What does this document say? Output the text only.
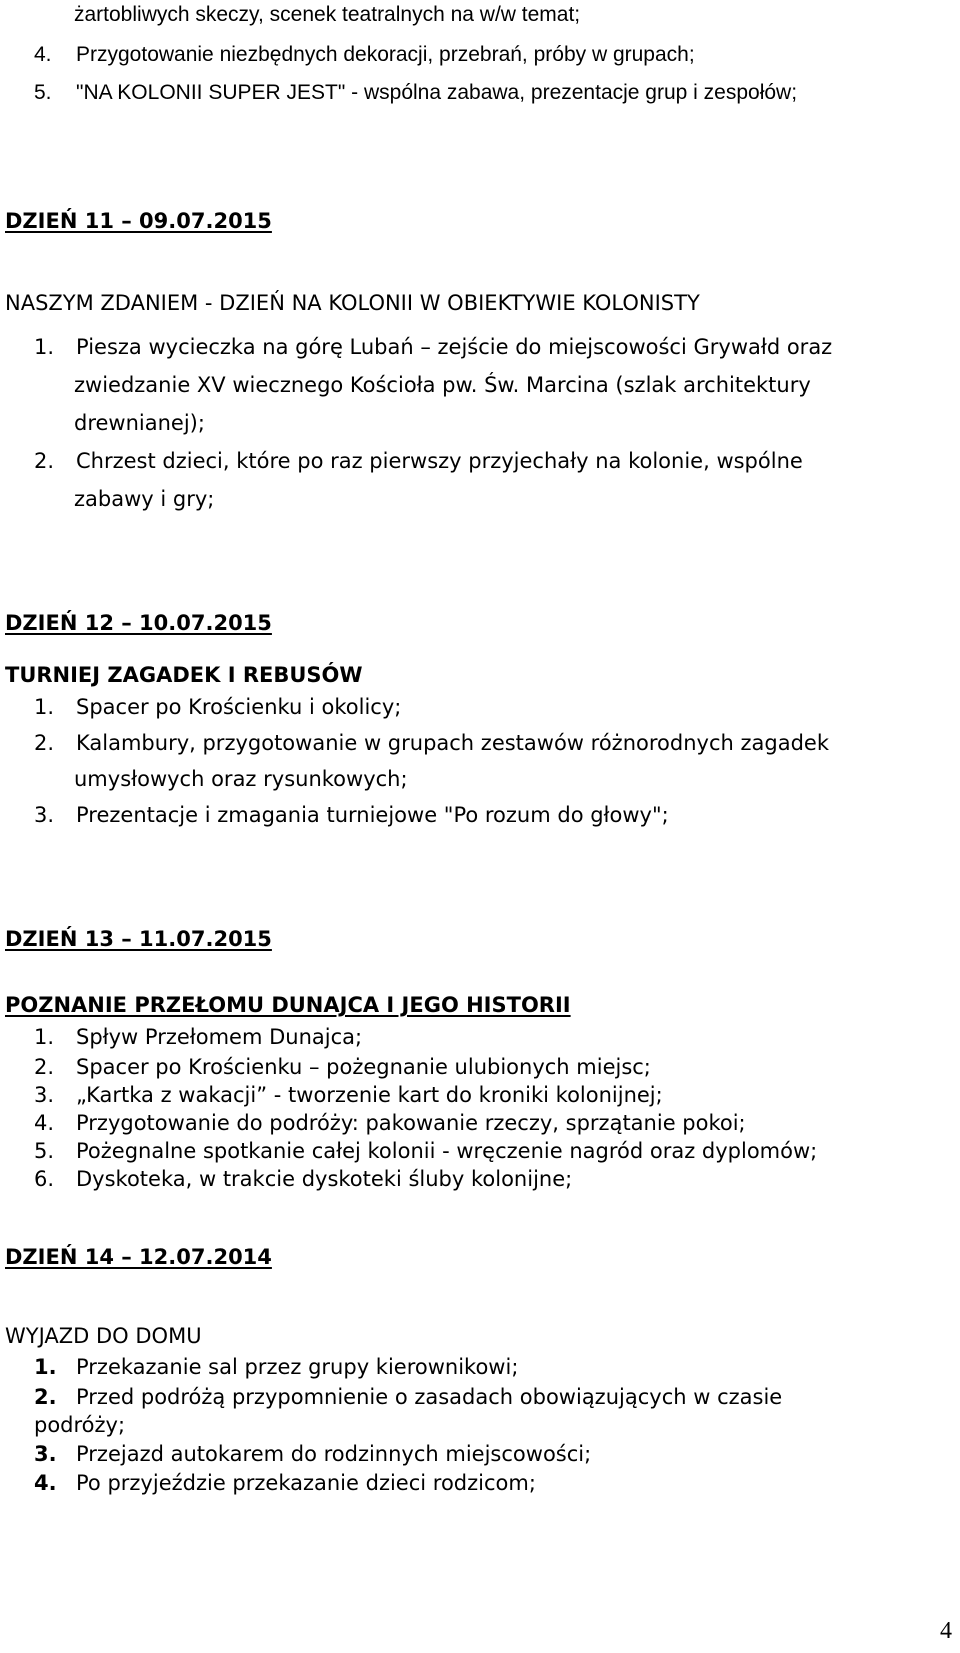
żartobliwych skeczy, scenek teatralnych na w/w temat;
4. Przygotowanie niezbędnych dekoracji, przebrań, próby w grupach;
5. "NA KOLONII SUPER JEST" - wspólna zabawa, prezentacje grup i zespołów;
DZIEŃ 11 – 09.07.2015
NASZYM ZDANIEM - DZIEŃ NA KOLONII W OBIEKTYWIE KOLONISTY
1. Piesza wycieczka na górę Lubań – zejście do miejscowości Grywałd oraz
zwiedzanie XV wiecznego Kościoła pw. Św. Marcina (szlak architektury
drewnianej);
2. Chrzest dzieci, które po raz pierwszy przyjechały na kolonie, wspólne
zabawy i gry;
DZIEŃ 12 – 10.07.2015
TURNIEJ ZAGADEK I REBUSÓW
1. Spacer po Krościenku i okolicy;
2. Kalambury, przygotowanie w grupach zestawów różnorodnych zagadek
umysłowych oraz rysunkowych;
3. Prezentacje i zmagania turniejowe "Po rozum do głowy";
DZIEŃ 13 – 11.07.2015
POZNANIE PRZEŁOMU DUNAJCA I JEGO HISTORII
1. Spływ Przełomem Dunajca;
2. Spacer po Krościenku – pożegnanie ulubionych miejsc;
3. „Kartka z wakacji” - tworzenie kart do kroniki kolonijnej;
4. Przygotowanie do podróży: pakowanie rzeczy, sprzątanie pokoi;
5. Pożegnalne spotkanie całej kolonii - wręczenie nagród oraz dyplomów;
6. Dyskoteka, w trakcie dyskoteki śluby kolonijne;
DZIEŃ 14 – 12.07.2014
WYJAZD DO DOMU
1. Przekazanie sal przez grupy kierownikowi;
2. Przed podróżą przypomnienie o zasadach obowiązujących w czasie
podróży;
3. Przejazd autokarem do rodzinnych miejscowości;
4. Po przyjeździe przekazanie dzieci rodzicom;
4
